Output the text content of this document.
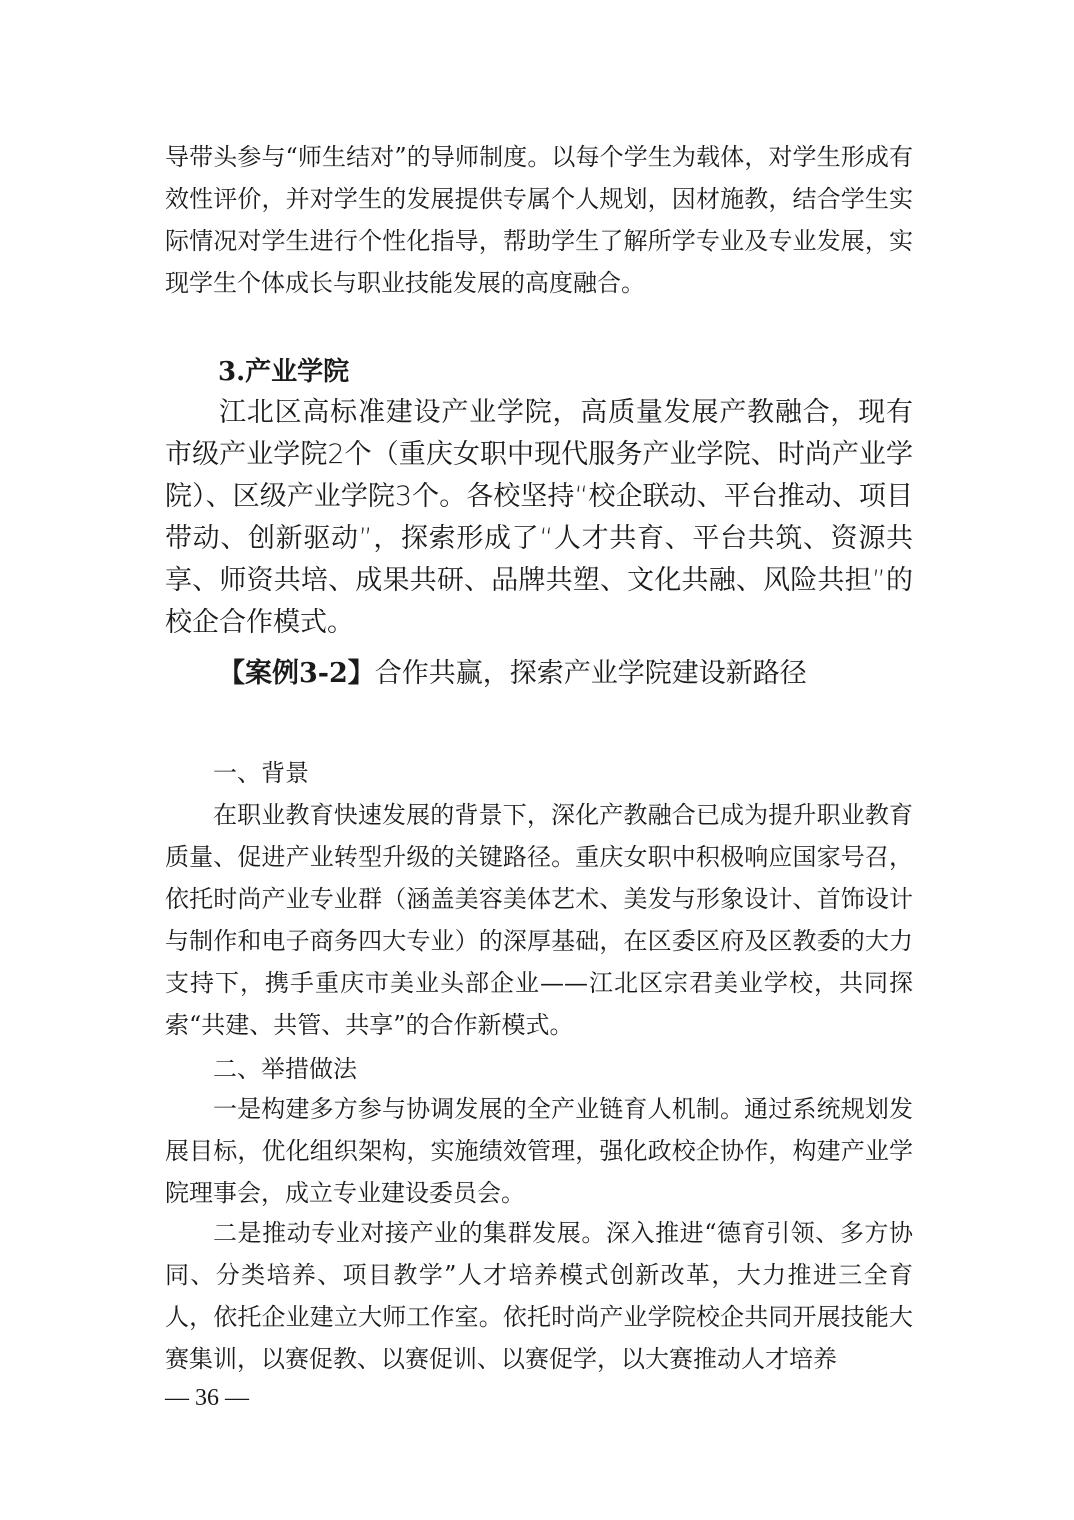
导带头参与“师生结对”的导师制度。以每个学生为载体，对学生形成有效性评价，并对学生的发展提供专属个人规划，因材施教，结合学生实际情况对学生进行个性化指导，帮助学生了解所学专业及专业发展，实现学生个体成长与职业技能发展的高度融合。

3.产业学院

江北区高标准建设产业学院，高质量发展产教融合，现有市级产业学院2个（重庆女职中现代服务产业学院、时尚产业学院）、区级产业学院3个。各校坚持“校企联动、平台推动、项目带动、创新驱动”，探索形成了“人才共育、平台共筑、资源共享、师资共培、成果共研、品牌共塑、文化共融、风险共担”的校企合作模式。

【案例3-2】合作共赢，探索产业学院建设新路径

一、背景

在职业教育快速发展的背景下，深化产教融合已成为提升职业教育质量、促进产业转型升级的关键路径。重庆女职中积极响应国家号召，依托时尚产业专业群（涵盖美容美体艺术、美发与形象设计、首饰设计与制作和电子商务四大专业）的深厚基础，在区委区府及区教委的大力支持下，携手重庆市美业头部企业——江北区宗君美业学校，共同探索“共建、共管、共享”的合作新模式。

二、举措做法

一是构建多方参与协调发展的全产业链育人机制。通过系统规划发展目标，优化组织架构，实施绩效管理，强化政校企协作，构建产业学院理事会，成立专业建设委员会。

二是推动专业对接产业的集群发展。深入推进“德育引领、多方协同、分类培养、项目教学”人才培养模式创新改革，大力推进三全育人，依托企业建立大师工作室。依托时尚产业学院校企共同开展技能大赛集训，以赛促教、以赛促训、以赛促学，以大赛推动人才培养

— 36 —
